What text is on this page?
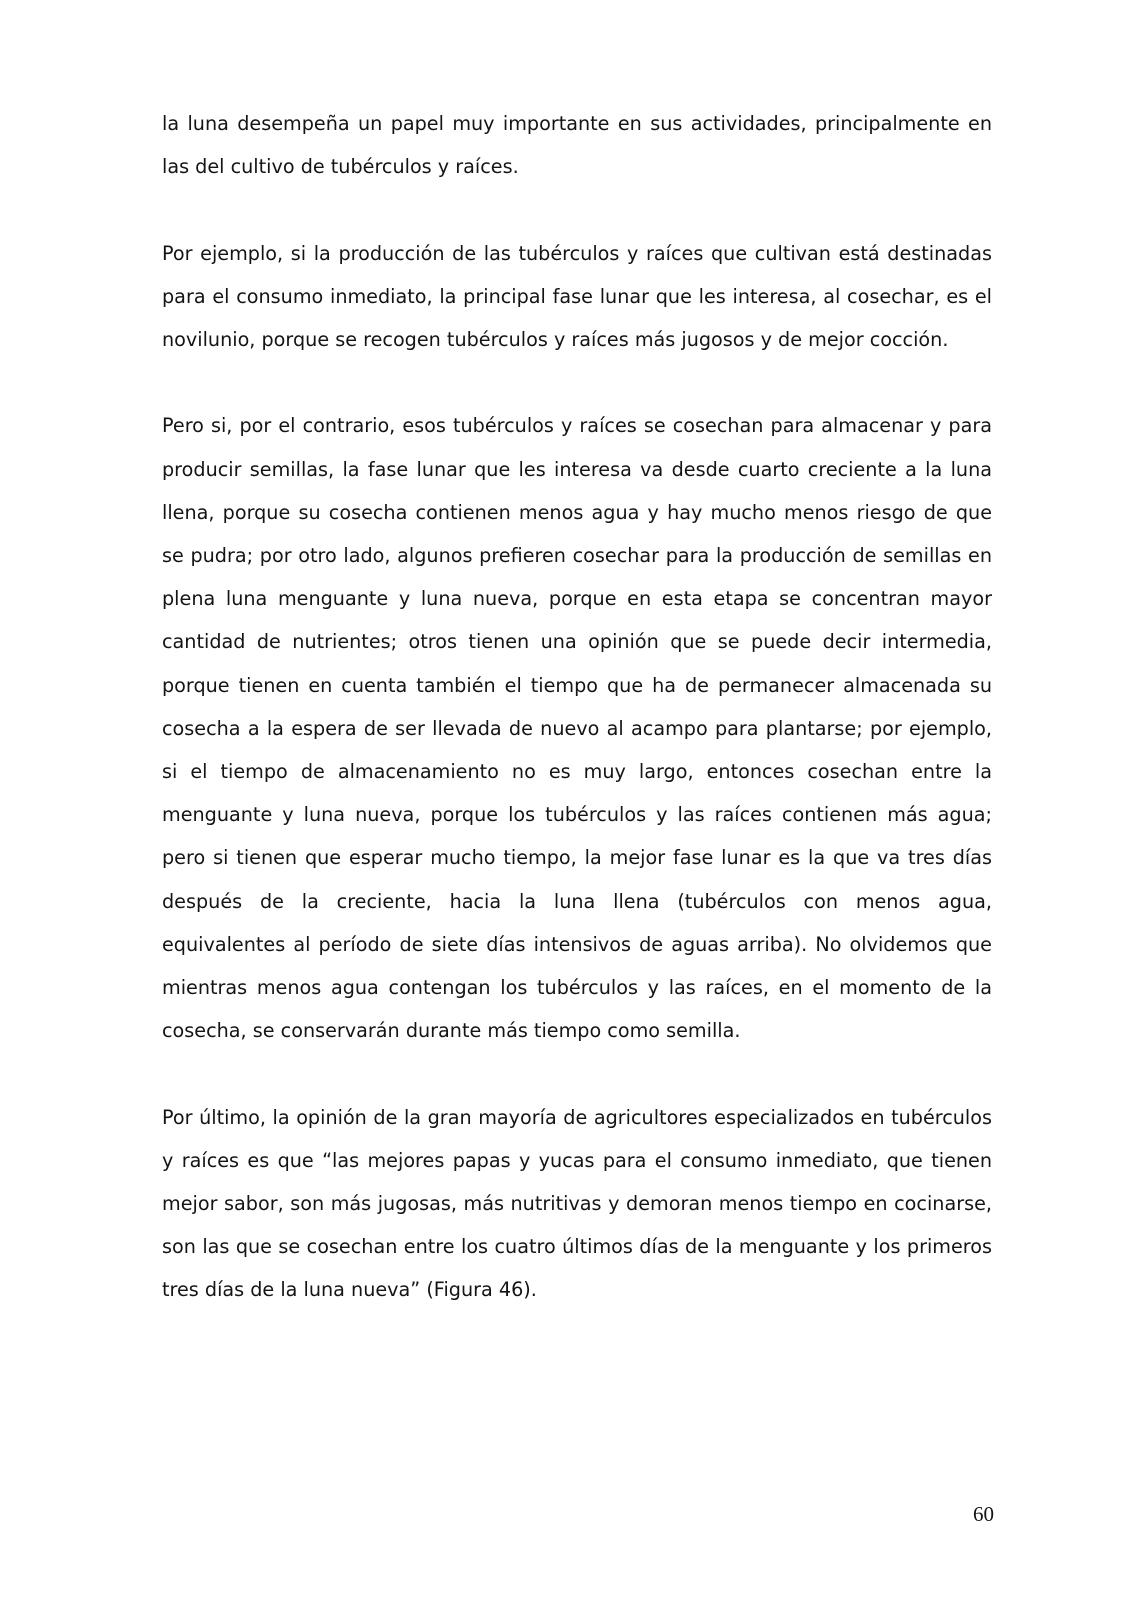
la luna desempeña un papel muy importante en sus actividades, principalmente en las del cultivo de tubérculos y raíces.

Por ejemplo, si la producción de las tubérculos y raíces que cultivan está destinadas para el consumo inmediato, la principal fase lunar que les interesa, al cosechar, es el novilunio, porque se recogen tubérculos y raíces más jugosos y de mejor cocción.

Pero si, por el contrario, esos tubérculos y raíces se cosechan para almacenar y para producir semillas, la fase lunar que les interesa va desde cuarto creciente a la luna llena, porque su cosecha contienen menos agua y hay mucho menos riesgo de que se pudra; por otro lado, algunos prefieren cosechar para la producción de semillas en plena luna menguante y luna nueva, porque en esta etapa se concentran mayor cantidad de nutrientes; otros tienen una opinión que se puede decir intermedia, porque tienen en cuenta también el tiempo que ha de permanecer almacenada su cosecha a la espera de ser llevada de nuevo al acampo para plantarse; por ejemplo, si el tiempo de almacenamiento no es muy largo, entonces cosechan entre la menguante y luna nueva, porque los tubérculos y las raíces contienen más agua; pero si tienen que esperar mucho tiempo, la mejor fase lunar es la que va tres días después de la creciente, hacia la luna llena (tubérculos con menos agua, equivalentes al período de siete días intensivos de aguas arriba). No olvidemos que mientras menos agua contengan los tubérculos y las raíces, en el momento de la cosecha, se conservarán durante más tiempo como semilla.

Por último, la opinión de la gran mayoría de agricultores especializados en tubérculos y raíces es que “las mejores papas y yucas para el consumo inmediato, que tienen mejor sabor, son más jugosas, más nutritivas y demoran menos tiempo en cocinarse, son las que se cosechan entre los cuatro últimos días de la menguante y los primeros tres días de la luna nueva” (Figura 46).

60
